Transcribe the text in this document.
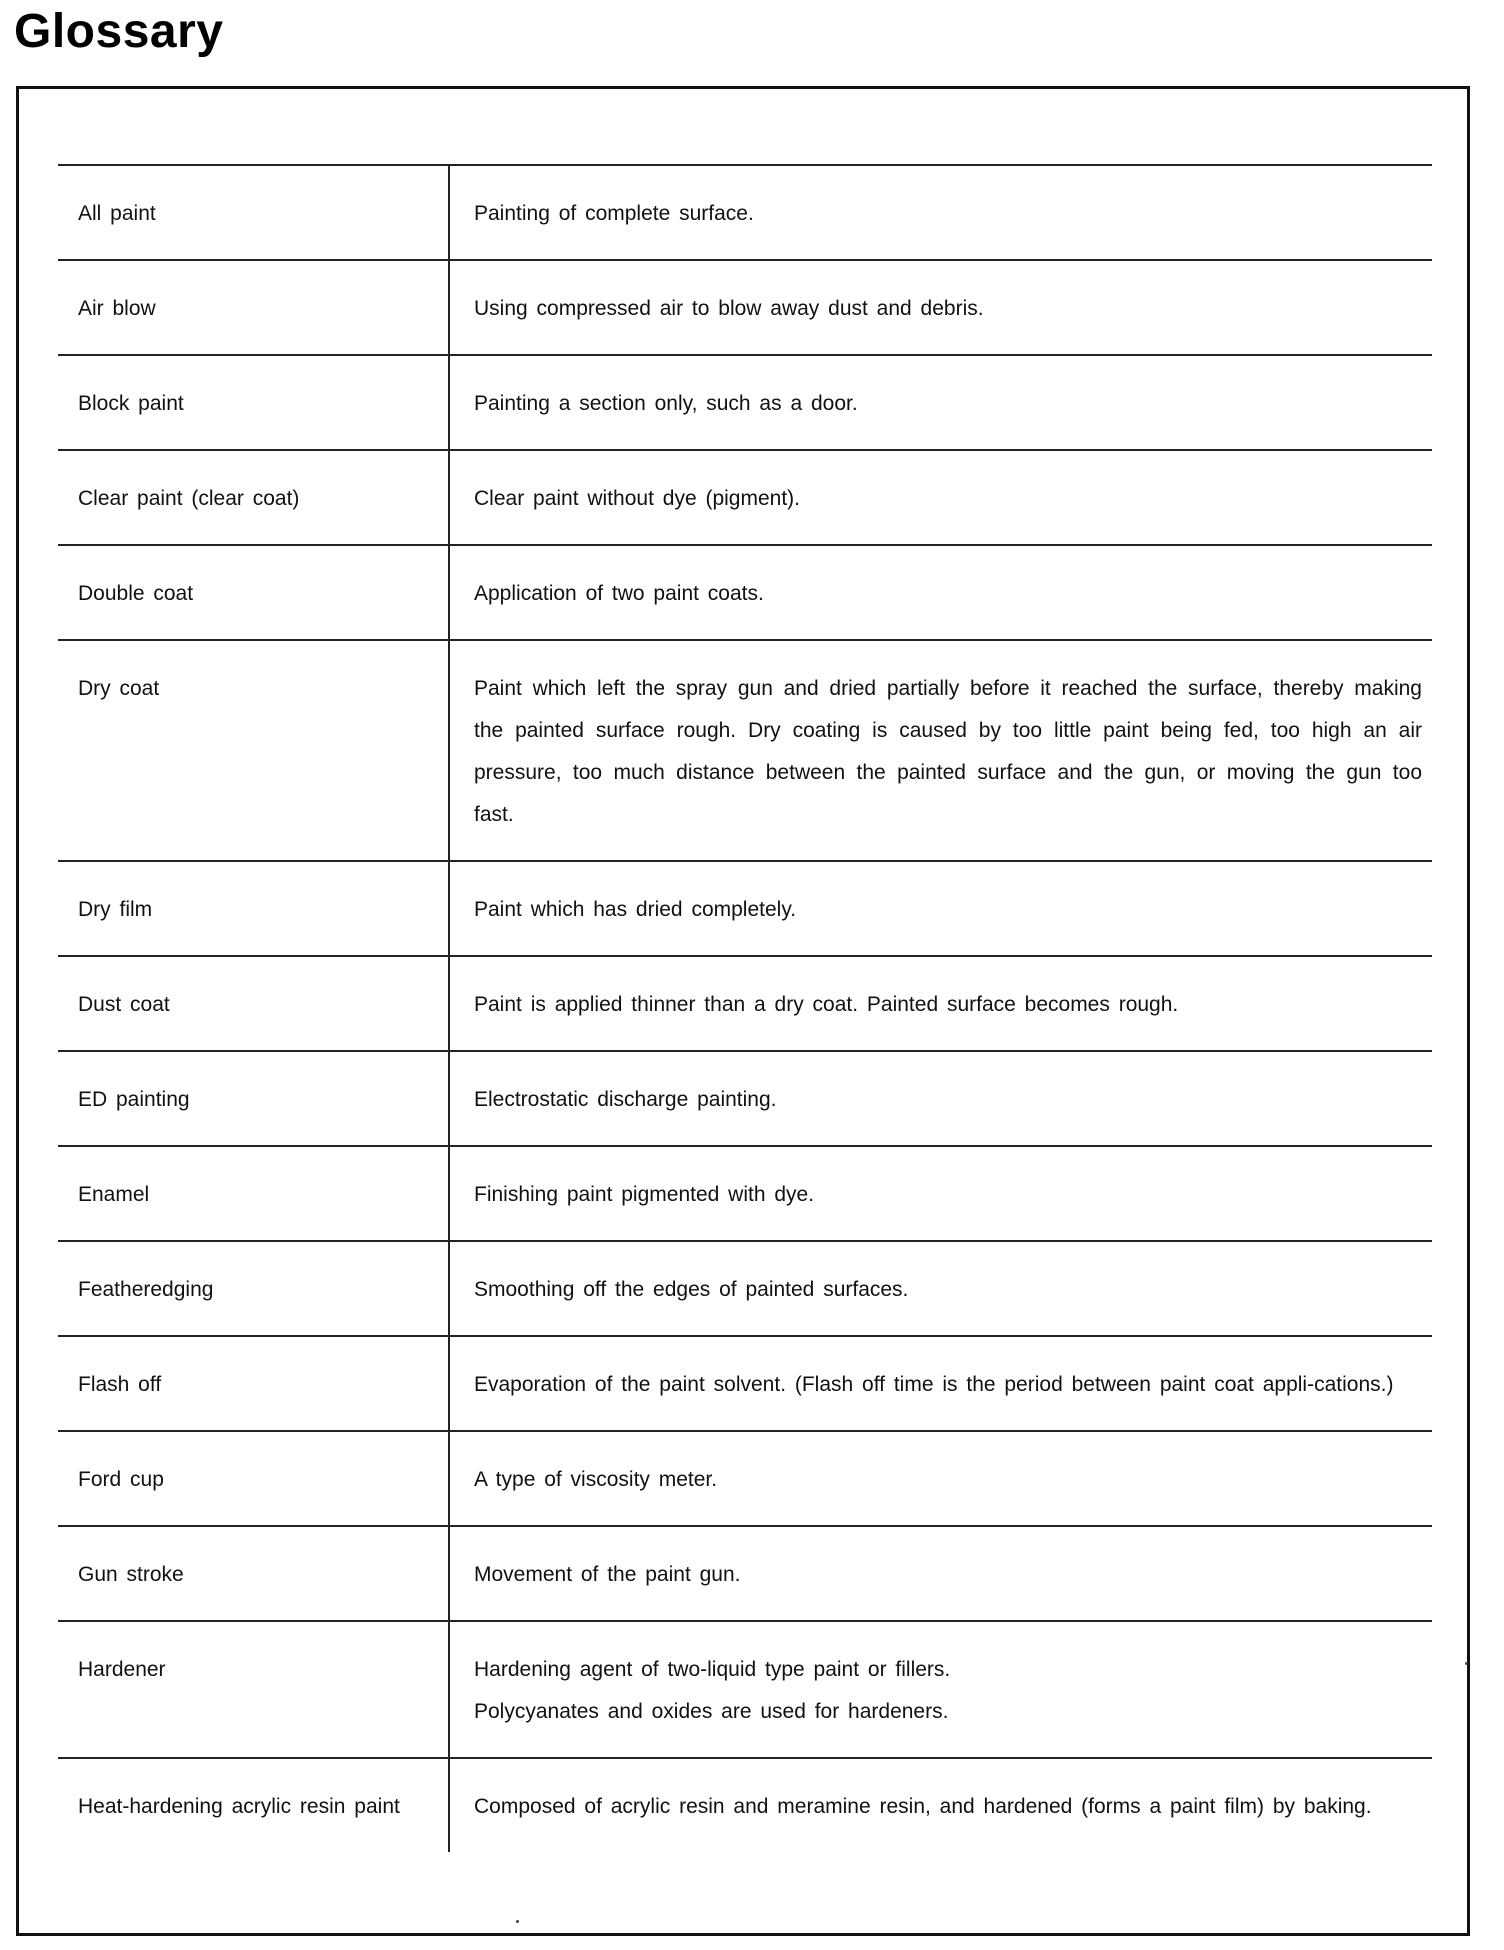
Glossary
All paint	Painting of complete surface.
Air blow	Using compressed air to blow away dust and debris.
Block paint	Painting a section only, such as a door.
Clear paint (clear coat)	Clear paint without dye (pigment).
Double coat	Application of two paint coats.
Dry coat	Paint which left the spray gun and dried partially before it reached the surface, thereby making the painted surface rough. Dry coating is caused by too little paint being fed, too high an air pressure, too much distance between the painted surface and the gun, or moving the gun too fast.
Dry film	Paint which has dried completely.
Dust coat	Paint is applied thinner than a dry coat. Painted surface becomes rough.
ED painting	Electrostatic discharge painting.
Enamel	Finishing paint pigmented with dye.
Featheredging	Smoothing off the edges of painted surfaces.
Flash off	Evaporation of the paint solvent. (Flash off time is the period between paint coat appli-cations.)
Ford cup	A type of viscosity meter.
Gun stroke	Movement of the paint gun.
Hardener	Hardening agent of two-liquid type paint or fillers.
Polycyanates and oxides are used for hardeners.
Heat-hardening acrylic resin paint	Composed of acrylic resin and meramine resin, and hardened (forms a paint film) by baking.
